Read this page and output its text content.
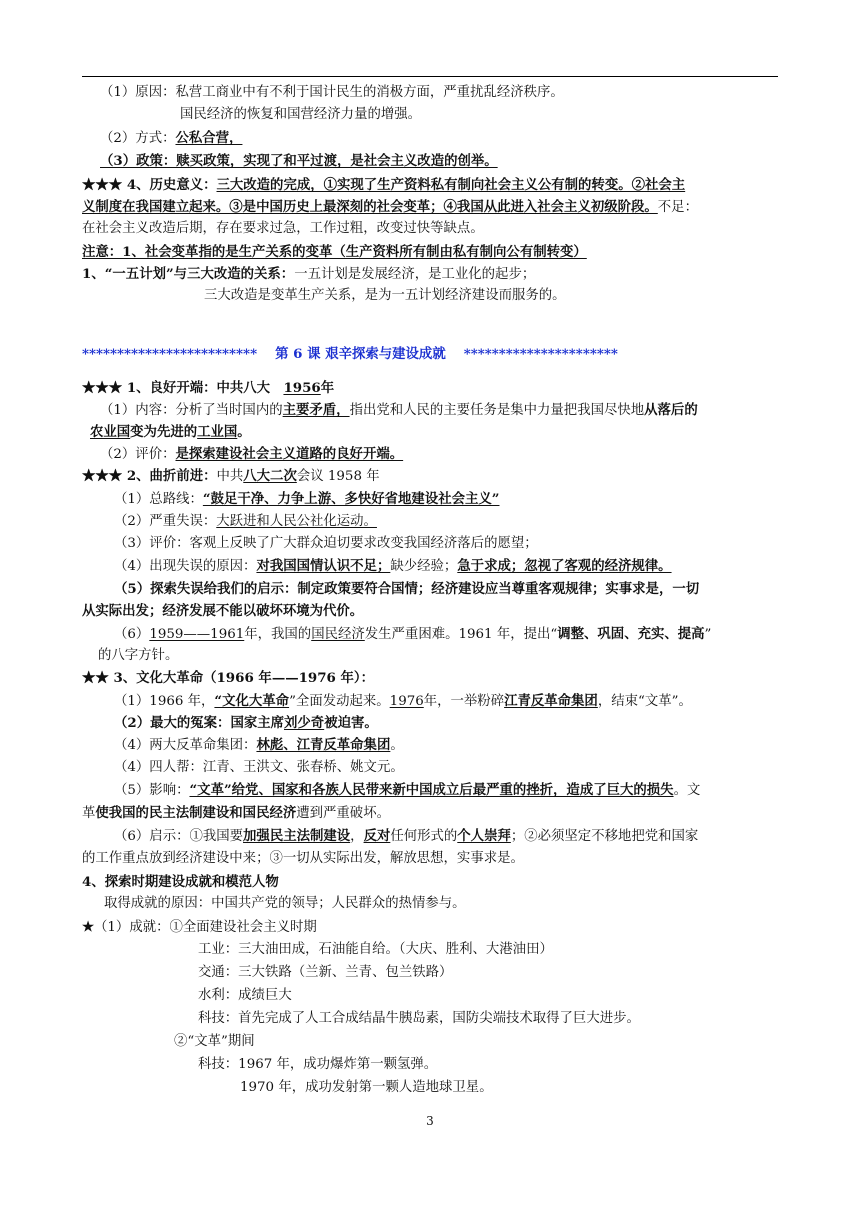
（1）原因：私营工商业中有不利于国计民生的消极方面，严重扰乱经济秩序。
国民经济的恢复和国营经济力量的增强。
（2）方式：公私合营，
（3）政策：赎买政策，实现了和平过渡，是社会主义改造的创举。
★★★ 4、历史意义：三大改造的完成，①实现了生产资料私有制向社会主义公有制的转变。②社会主
义制度在我国建立起来。③是中国历史上最深刻的社会变革；④我国从此进入社会主义初级阶段。不足：
在社会主义改造后期，存在要求过急，工作过粗，改变过快等缺点。
注意：1、社会变革指的是生产关系的变革（生产资料所有制由私有制向公有制转变）
1、“一五计划”与三大改造的关系：一五计划是发展经济，是工业化的起步；
三大改造是变革生产关系，是为一五计划经济建设而服务的。
*************************　 第 6 课 艰辛探索与建设成就　 **********************
★★★ 1、良好开端：中共八大　1956年
（1）内容：分析了当时国内的主要矛盾，指出党和人民的主要任务是集中力量把我国尽快地从落后的
农业国变为先进的工业国。
（2）评价：是探索建设社会主义道路的良好开端。
★★★ 2、曲折前进：中共八大二次会议 1958 年
（1）总路线：“鼓足干净、力争上游、多快好省地建设社会主义”
（2）严重失误：大跃进和人民公社化运动。
（3）评价：客观上反映了广大群众迫切要求改变我国经济落后的愿望；
（4）出现失误的原因：对我国国情认识不足；缺少经验；急于求成；忽视了客观的经济规律。
（5）探索失误给我们的启示：制定政策要符合国情；经济建设应当尊重客观规律；实事求是，一切
从实际出发；经济发展不能以破坏环境为代价。
（6）1959——1961年，我国的国民经济发生严重困难。1961 年，提出“调整、巩固、充实、提高”
的八字方针。
★★ 3、文化大革命（1966 年——1976 年）：
（1）1966 年，“文化大革命”全面发动起来。1976年，一举粉碎江青反革命集团，结束“文革”。
（2）最大的冤案：国家主席刘少奇被迫害。
（4）两大反革命集团：林彪、江青反革命集团。
（4）四人帮：江青、王洪文、张春桥、姚文元。
（5）影响：“文革”给党、国家和各族人民带来新中国成立后最严重的挫折，造成了巨大的损失。文
革使我国的民主法制建设和国民经济遭到严重破坏。
（6）启示：①我国要加强民主法制建设，反对任何形式的个人崇拜；②必须坚定不移地把党和国家
的工作重点放到经济建设中来；③一切从实际出发，解放思想，实事求是。
4、探索时期建设成就和模范人物
取得成就的原因：中国共产党的领导；人民群众的热情参与。
★（1）成就：①全面建设社会主义时期
工业：三大油田成，石油能自给。（大庆、胜利、大港油田）
交通：三大铁路（兰新、兰青、包兰铁路）
水利：成绩巨大
科技：首先完成了人工合成结晶牛胰岛素，国防尖端技术取得了巨大进步。
②“文革”期间
科技：1967 年，成功爆炸第一颗氢弹。
1970 年，成功发射第一颗人造地球卫星。
3
